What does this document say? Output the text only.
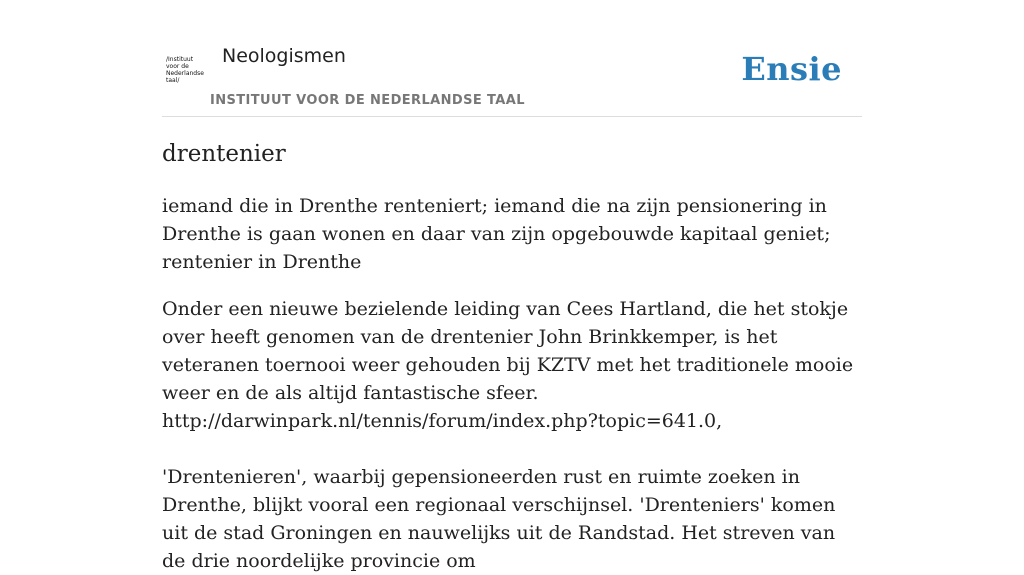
/Instituut
voor de
Nederlandse
taal/
Neologismen
INSTITUUT VOOR DE NEDERLANDSE TAAL
Ensie
drentenier

iemand die in Drenthe renteniert; iemand die na zijn pensionering in Drenthe is gaan wonen en daar van zijn opgebouwde kapitaal geniet; rentenier in Drenthe

Onder een nieuwe bezielende leiding van Cees Hartland, die het stokje over heeft genomen van de drentenier John Brinkkemper, is het veteranen toernooi weer gehouden bij KZTV met het traditionele mooie weer en de als altijd fantastische sfeer.
http://darwinpark.nl/tennis/forum/index.php?topic=641.0,
'Drentenieren', waarbij gepensioneerden rust en ruimte zoeken in Drenthe, blijkt vooral een regionaal verschijnsel. 'Drenteniers' komen uit de stad Groningen en nauwelijks uit de Randstad. Het streven van de drie noordelijke provincie om
